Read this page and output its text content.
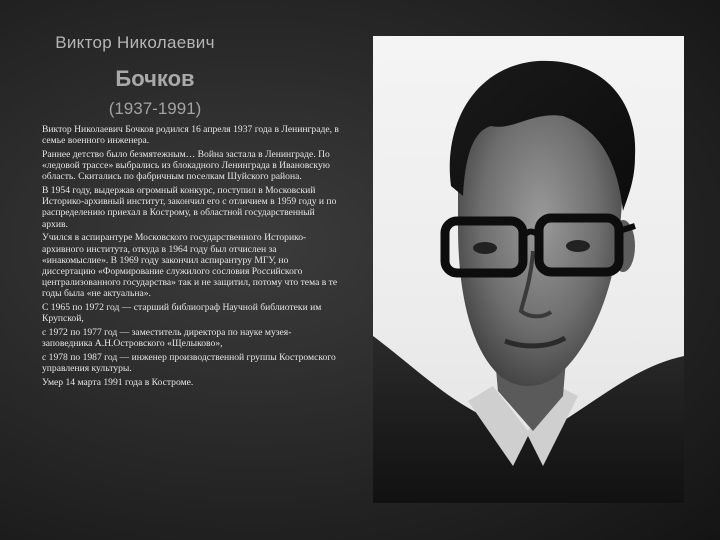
Виктор Николаевич
Бочков
(1937-1991)

Виктор Николаевич Бочков родился 16 апреля 1937 года в Ленинграде, в семье военного инженера.

Раннее детство было безмятежным… Война застала в Ленинграде. По «ледовой трассе» выбрались из блокадного Ленинграда в Ивановскую область. Скитались по фабричным поселкам Шуйского района.

В 1954 году, выдержав огромный конкурс, поступил в Московский Историко-архивный институт, закончил его с отличием в 1959 году и по распределению приехал в Кострому, в областной государственный архив.

Учился в аспирантуре Московского государственного Историко-архивного института, откуда в 1964 году был отчислен за «инакомыслие». В 1969 году закончил аспирантуру МГУ, но диссертацию «Формирование служилого сословия Российского централизованного государства» так и не защитил, потому что тема в те годы была «не актуальна».

С 1965 по 1972 год — старший библиограф Научной библиотеки им Крупской,

с 1972 по 1977 год — заместитель директора по науке музея-заповедника А.Н.Островского «Щелыково»,

с 1978 по 1987 год — инженер производственной группы Костромского управления культуры.

Умер 14 марта 1991 года в Костроме.
